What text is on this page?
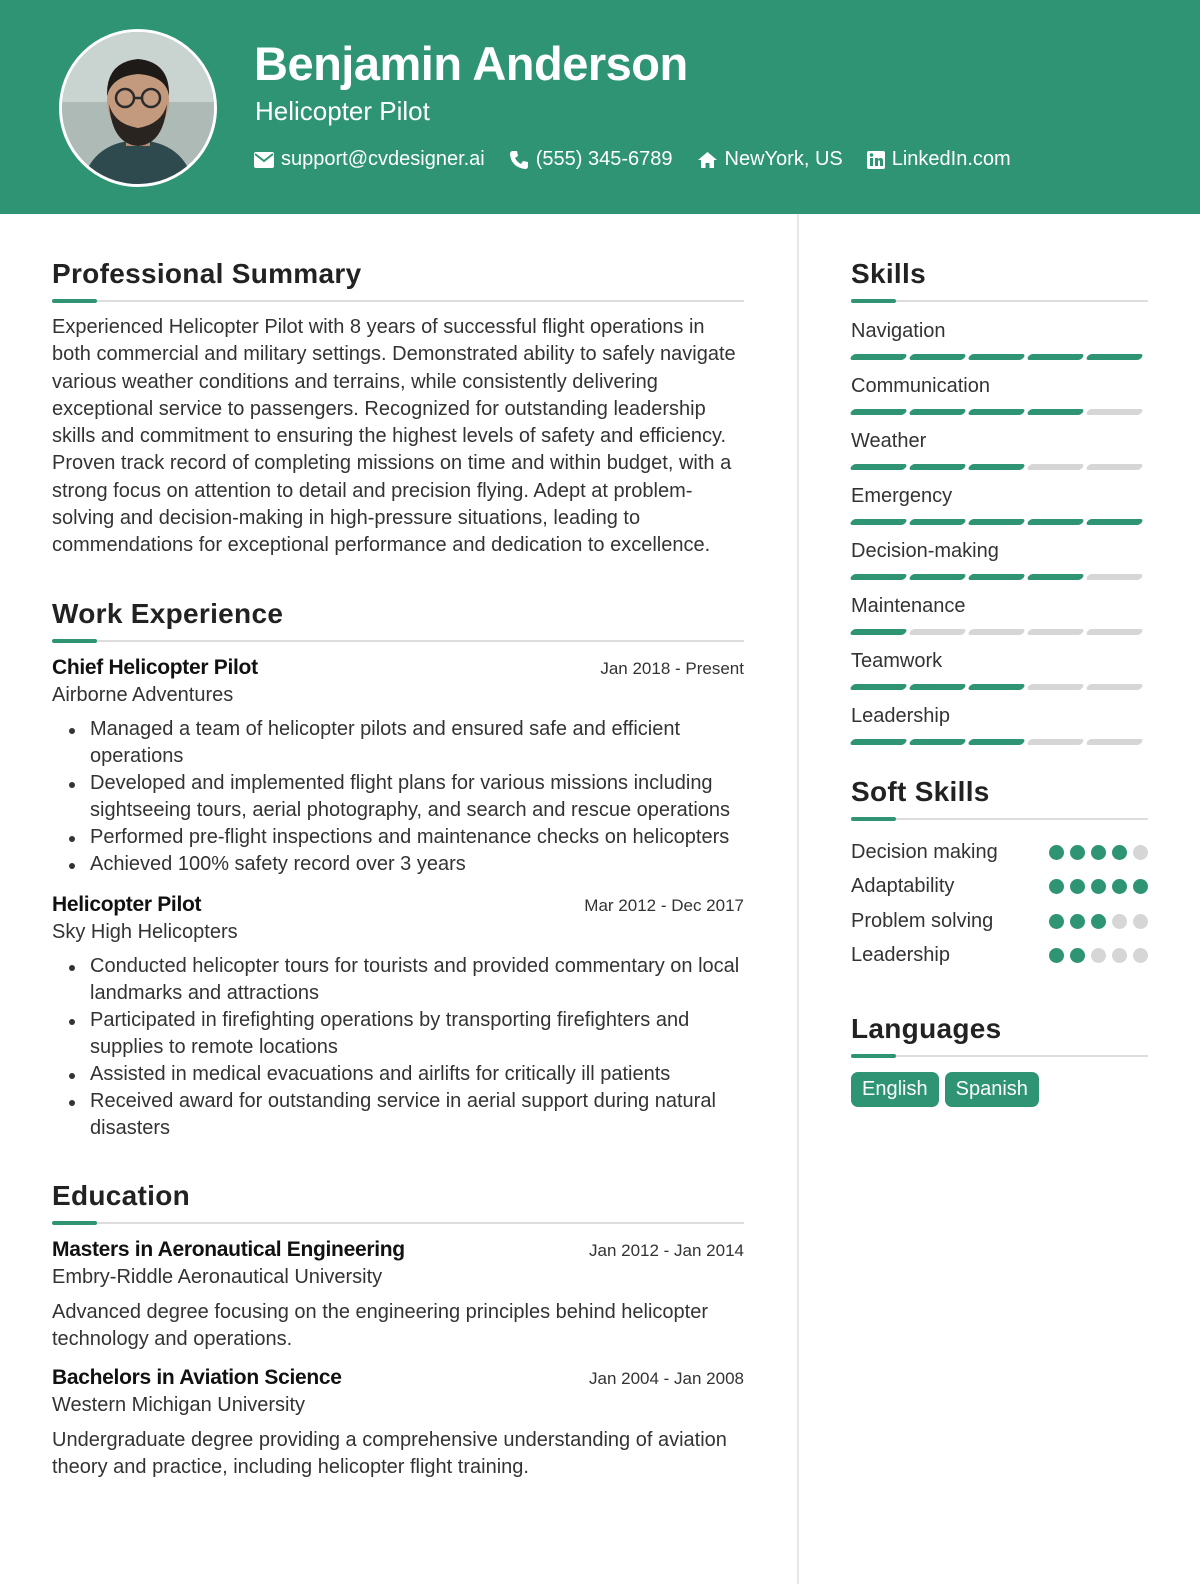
Benjamin Anderson
Helicopter Pilot
support@cvdesigner.ai	(555) 345-6789	NewYork, US LinkedIn.com
Professional Summary
Experienced Helicopter Pilot with 8 years of successful flight operations in both commercial and military settings. Demonstrated ability to safely navigate various weather conditions and terrains, while consistently delivering exceptional service to passengers. Recognized for outstanding leadership skills and commitment to ensuring the highest levels of safety and efficiency. Proven track record of completing missions on time and within budget, with a strong focus on attention to detail and precision flying. Adept at problem-solving and decision-making in high-pressure situations, leading to commendations for exceptional performance and dedication to excellence.
Work Experience
Chief Helicopter Pilot	Jan 2018 - Present
Airborne Adventures
Managed a team of helicopter pilots and ensured safe and efficient operations
Developed and implemented flight plans for various missions including sightseeing tours, aerial photography, and search and rescue operations
Performed pre-flight inspections and maintenance checks on helicopters
Achieved 100% safety record over 3 years
Helicopter Pilot	Mar 2012 - Dec 2017
Sky High Helicopters
Conducted helicopter tours for tourists and provided commentary on local landmarks and attractions
Participated in firefighting operations by transporting firefighters and supplies to remote locations
Assisted in medical evacuations and airlifts for critically ill patients
Received award for outstanding service in aerial support during natural disasters
Education
Masters in Aeronautical Engineering	Jan 2012 - Jan 2014
Embry-Riddle Aeronautical University
Advanced degree focusing on the engineering principles behind helicopter technology and operations.
Bachelors in Aviation Science	Jan 2004 - Jan 2008
Western Michigan University
Undergraduate degree providing a comprehensive understanding of aviation theory and practice, including helicopter flight training.
Skills
Navigation
Communication
Weather
Emergency
Decision-making
Maintenance
Teamwork
Leadership
Soft Skills
Decision making
Adaptability
Problem solving
Leadership
Languages
English	Spanish
